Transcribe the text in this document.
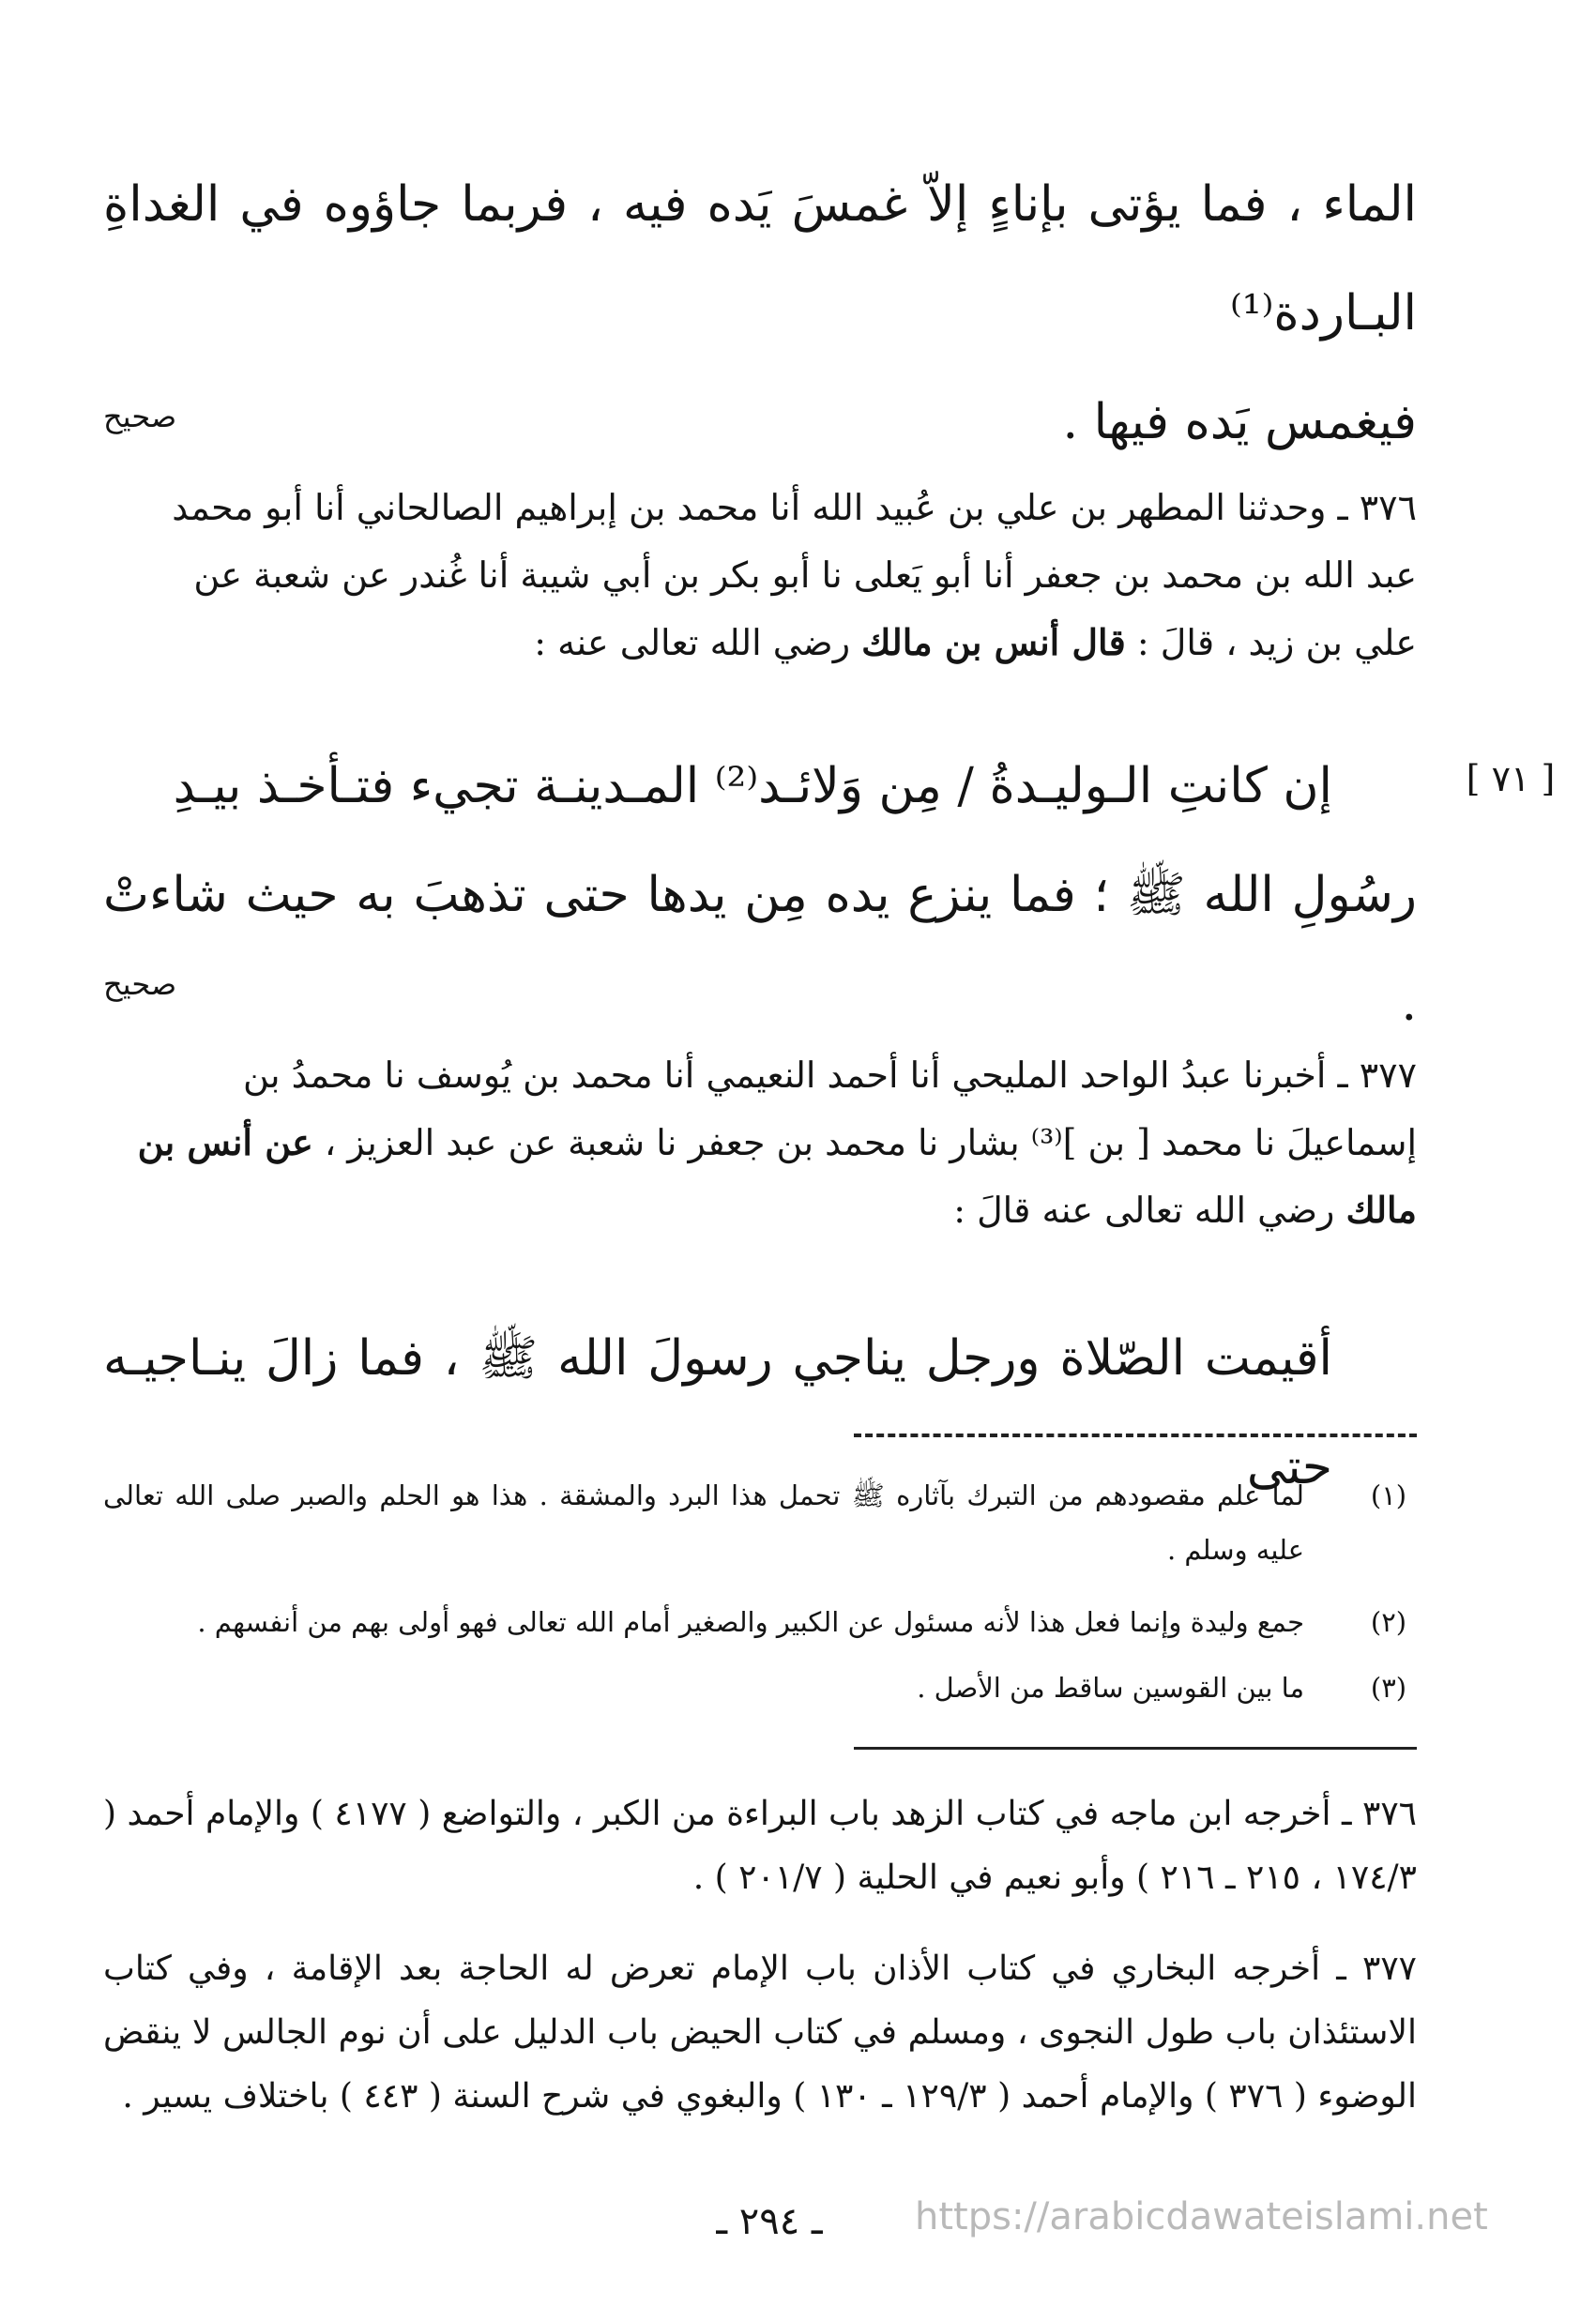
الماء ، فما يؤتى بإناءٍ إلاّ غمسَ يَده فيه ، فربما جاؤوه في الغداةِ البـاردة⁽¹⁾
فيغمس يَده فيها .
صحيح
٣٧٦ ـ وحدثنا المطهر بن علي بن عُبيد الله أنا محمد بن إبراهيم الصالحاني أنا أبو محمد
عبد الله بن محمد بن جعفر أنا أبو يَعلى نا أبو بكر بن أبي شيبة أنا غُندر عن شعبة عن
علي بن زيد ، قالَ : قال أنس بن مالك رضي الله تعالى عنه :
[ ٧١ ]
إن كانتِ الـوليـدةُ / مِن وَلائـد⁽²⁾ المـدينـة تجيء فتـأخـذ بيـدِ
رسُولِ الله ﷺ ؛ فما ينزع يده مِن يدها حتى تذهبَ به حيث شاءتْ .
صحيح
٣٧٧ ـ أخبرنا عبدُ الواحد المليحي أنا أحمد النعيمي أنا محمد بن يُوسف نا محمدُ بن
إسماعيلَ نا محمد [ بن ]⁽³⁾ بشار نا محمد بن جعفر نا شعبة عن عبد العزيز ، عن أنس بن
مالك رضي الله تعالى عنه قالَ :
أقيمت الصّلاة ورجل يناجي رسولَ الله ﷺ ، فما زالَ ينـاجيـه حتى	(١)
لما علم مقصودهم من التبرك بآثاره ﷺ تحمل هذا البرد والمشقة . هذا هو الحلم والصبر صلى الله تعالى عليه وسلم .
(٢)
جمع وليدة وإنما فعل هذا لأنه مسئول عن الكبير والصغير أمام الله تعالى فهو أولى بهم من أنفسهم .
(٣)
ما بين القوسين ساقط من الأصل .
٣٧٦ ـ أخرجه ابن ماجه في كتاب الزهد باب البراءة من الكبر ، والتواضع ( ٤١٧٧ ) والإمام أحمد ( ١٧٤/٣ ، ٢١٥ ـ ٢١٦ ) وأبو نعيم في الحلية ( ٢٠١/٧ ) .
٣٧٧ ـ أخرجه البخاري في كتاب الأذان باب الإمام تعرض له الحاجة بعد الإقامة ، وفي كتاب الاستئذان باب طول النجوى ، ومسلم في كتاب الحيض باب الدليل على أن نوم الجالس لا ينقض الوضوء ( ٣٧٦ ) والإمام أحمد ( ١٢٩/٣ ـ ١٣٠ ) والبغوي في شرح السنة ( ٤٤٣ ) باختلاف يسير .
ـ ٢٩٤ ـ	https://arabicdawateislami.net
